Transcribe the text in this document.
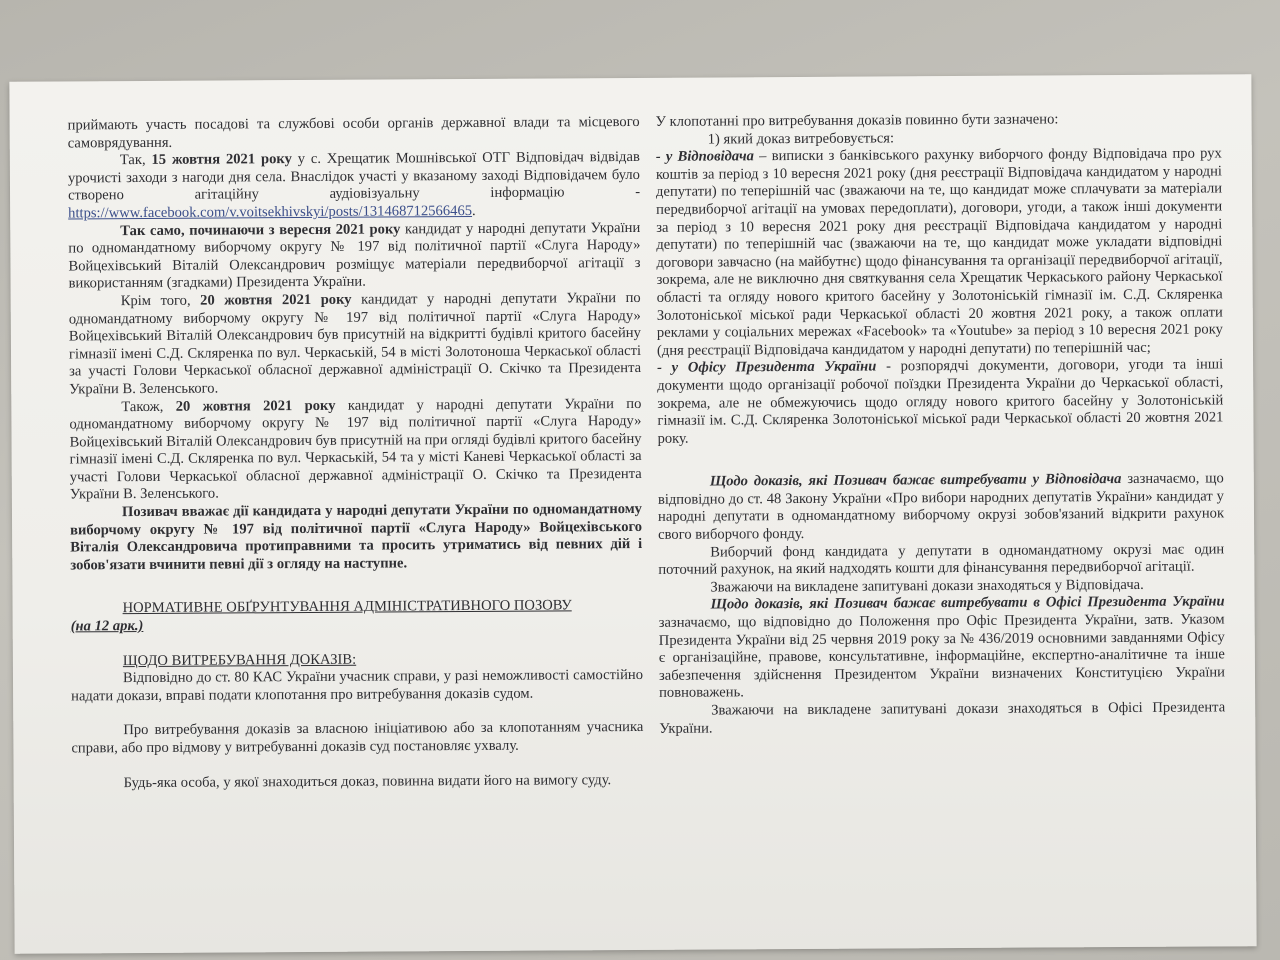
приймають участь посадові та службові особи органів державної влади та місцевого самоврядування.

Так, 15 жовтня 2021 року у с. Хрещатик Мошнівської ОТГ Відповідач відвідав урочисті заходи з нагоди дня села. Внаслідок участі у вказаному заході Відповідачем було створено агітаційну аудіовізуальну інформацію - https://www.facebook.com/v.voitsekhivskyi/posts/131468712566465.

Так само, починаючи з вересня 2021 року кандидат у народні депутати України по одномандатному виборчому округу № 197 від політичної партії «Слуга Народу» Войцехівський Віталій Олександрович розміщує матеріали передвиборчої агітації з використанням (згадками) Президента України.

Крім того, 20 жовтня 2021 року кандидат у народні депутати України по одномандатному виборчому округу № 197 від політичної партії «Слуга Народу» Войцехівський Віталій Олександрович був присутній на відкритті будівлі критого басейну гімназії імені С.Д. Скляренка по вул. Черкаській, 54 в місті Золотоноша Черкаської області за участі Голови Черкаської обласної державної адміністрації О. Скічко та Президента України В. Зеленського.

Також, 20 жовтня 2021 року кандидат у народні депутати України по одномандатному виборчому округу № 197 від політичної партії «Слуга Народу» Войцехівський Віталій Олександрович був присутній на при огляді будівлі критого басейну гімназії імені С.Д. Скляренка по вул. Черкаській, 54 та у місті Каневі Черкаської області за участі Голови Черкаської обласної державної адміністрації О. Скічко та Президента України В. Зеленського.

Позивач вважає дії кандидата у народні депутати України по одномандатному виборчому округу № 197 від політичної партії «Слуга Народу» Войцехівського Віталія Олександровича протиправними та просить утриматись від певних дій і зобов'язати вчинити певні дії з огляду на наступне.

НОРМАТИВНЕ ОБҐРУНТУВАННЯ АДМІНІСТРАТИВНОГО ПОЗОВУ

(на 12 арк.)

ЩОДО ВИТРЕБУВАННЯ ДОКАЗІВ:

Відповідно до ст. 80 КАС України учасник справи, у разі неможливості самостійно надати докази, вправі подати клопотання про витребування доказів судом.

Про витребування доказів за власною ініціативою або за клопотанням учасника справи, або про відмову у витребуванні доказів суд постановляє ухвалу.

Будь-яка особа, у якої знаходиться доказ, повинна видати його на вимогу суду.

У клопотанні про витребування доказів повинно бути зазначено:

1) який доказ витребовується:

- у Відповідача – виписки з банківського рахунку виборчого фонду Відповідача про рух коштів за період з 10 вересня 2021 року (дня реєстрації Відповідача кандидатом у народні депутати) по теперішній час (зважаючи на те, що кандидат може сплачувати за матеріали передвиборчої агітації на умовах передоплати), договори, угоди, а також інші документи за період з 10 вересня 2021 року дня реєстрації Відповідача кандидатом у народні депутати) по теперішній час (зважаючи на те, що кандидат може укладати відповідні договори завчасно (на майбутнє) щодо фінансування та організації передвиборчої агітації, зокрема, але не виключно дня святкування села Хрещатик Черкаського району Черкаської області та огляду нового критого басейну у Золотоніській гімназії ім. С.Д. Скляренка Золотоніської міської ради Черкаської області 20 жовтня 2021 року, а також оплати реклами у соціальних мережах «Facebook» та «Youtube» за період з 10 вересня 2021 року (дня реєстрації Відповідача кандидатом у народні депутати) по теперішній час;

- у Офісу Президента України - розпорядчі документи, договори, угоди та інші документи щодо організації робочої поїздки Президента України до Черкаської області, зокрема, але не обмежуючись щодо огляду нового критого басейну у Золотоніській гімназії ім. С.Д. Скляренка Золотоніської міської ради Черкаської області 20 жовтня 2021 року.

Щодо доказів, які Позивач бажає витребувати у Відповідача зазначаємо, що відповідно до ст. 48 Закону України «Про вибори народних депутатів України» кандидат у народні депутати в одномандатному виборчому окрузі зобов'язаний відкрити рахунок свого виборчого фонду.

Виборчий фонд кандидата у депутати в одномандатному окрузі має один поточний рахунок, на який надходять кошти для фінансування передвиборчої агітації.

Зважаючи на викладене запитувані докази знаходяться у Відповідача.

Щодо доказів, які Позивач бажає витребувати в Офісі Президента України зазначаємо, що відповідно до Положення про Офіс Президента України, затв. Указом Президента України від 25 червня 2019 року за № 436/2019 основними завданнями Офісу є організаційне, правове, консультативне, інформаційне, експертно-аналітичне та інше забезпечення здійснення Президентом України визначених Конституцією України повноважень.

Зважаючи на викладене запитувані докази знаходяться в Офісі Президента України.
